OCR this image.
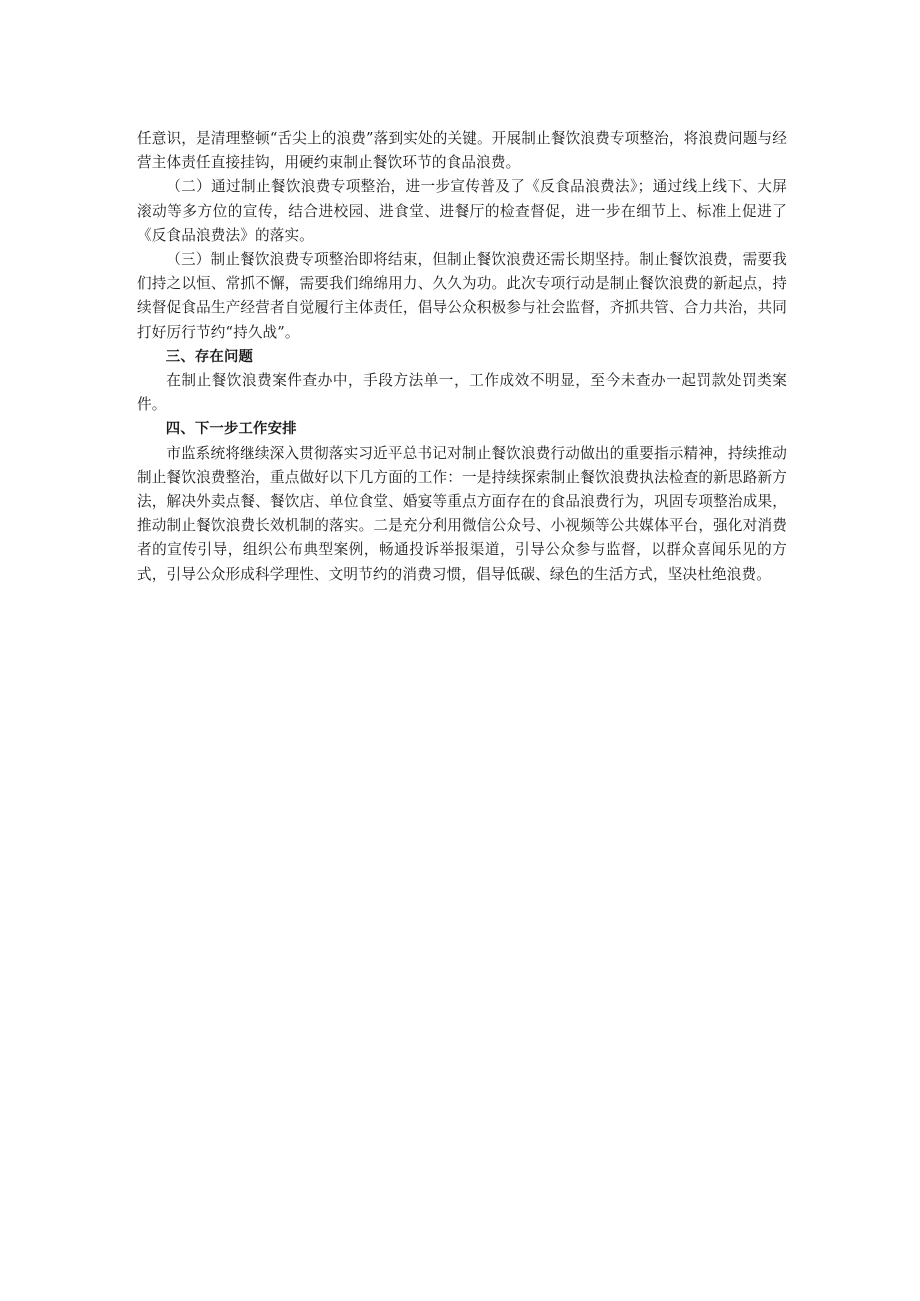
任意识，是清理整顿“舌尖上的浪费”落到实处的关键。开展制止餐饮浪费专项整治，将浪费问题与经营主体责任直接挂钩，用硬约束制止餐饮环节的食品浪费。

（二）通过制止餐饮浪费专项整治，进一步宣传普及了《反食品浪费法》；通过线上线下、大屏滚动等多方位的宣传，结合进校园、进食堂、进餐厅的检查督促，进一步在细节上、标准上促进了《反食品浪费法》的落实。

（三）制止餐饮浪费专项整治即将结束，但制止餐饮浪费还需长期坚持。制止餐饮浪费，需要我们持之以恒、常抓不懈，需要我们绵绵用力、久久为功。此次专项行动是制止餐饮浪费的新起点，持续督促食品生产经营者自觉履行主体责任，倡导公众积极参与社会监督，齐抓共管、合力共治，共同打好厉行节约“持久战”。

三、存在问题

在制止餐饮浪费案件查办中，手段方法单一，工作成效不明显，至今未查办一起罚款处罚类案件。

四、下一步工作安排

市监系统将继续深入贯彻落实习近平总书记对制止餐饮浪费行动做出的重要指示精神，持续推动制止餐饮浪费整治，重点做好以下几方面的工作：一是持续探索制止餐饮浪费执法检查的新思路新方法，解决外卖点餐、餐饮店、单位食堂、婚宴等重点方面存在的食品浪费行为，巩固专项整治成果，推动制止餐饮浪费长效机制的落实。二是充分利用微信公众号、小视频等公共媒体平台，强化对消费者的宣传引导，组织公布典型案例，畅通投诉举报渠道，引导公众参与监督，以群众喜闻乐见的方式，引导公众形成科学理性、文明节约的消费习惯，倡导低碳、绿色的生活方式，坚决杜绝浪费。
